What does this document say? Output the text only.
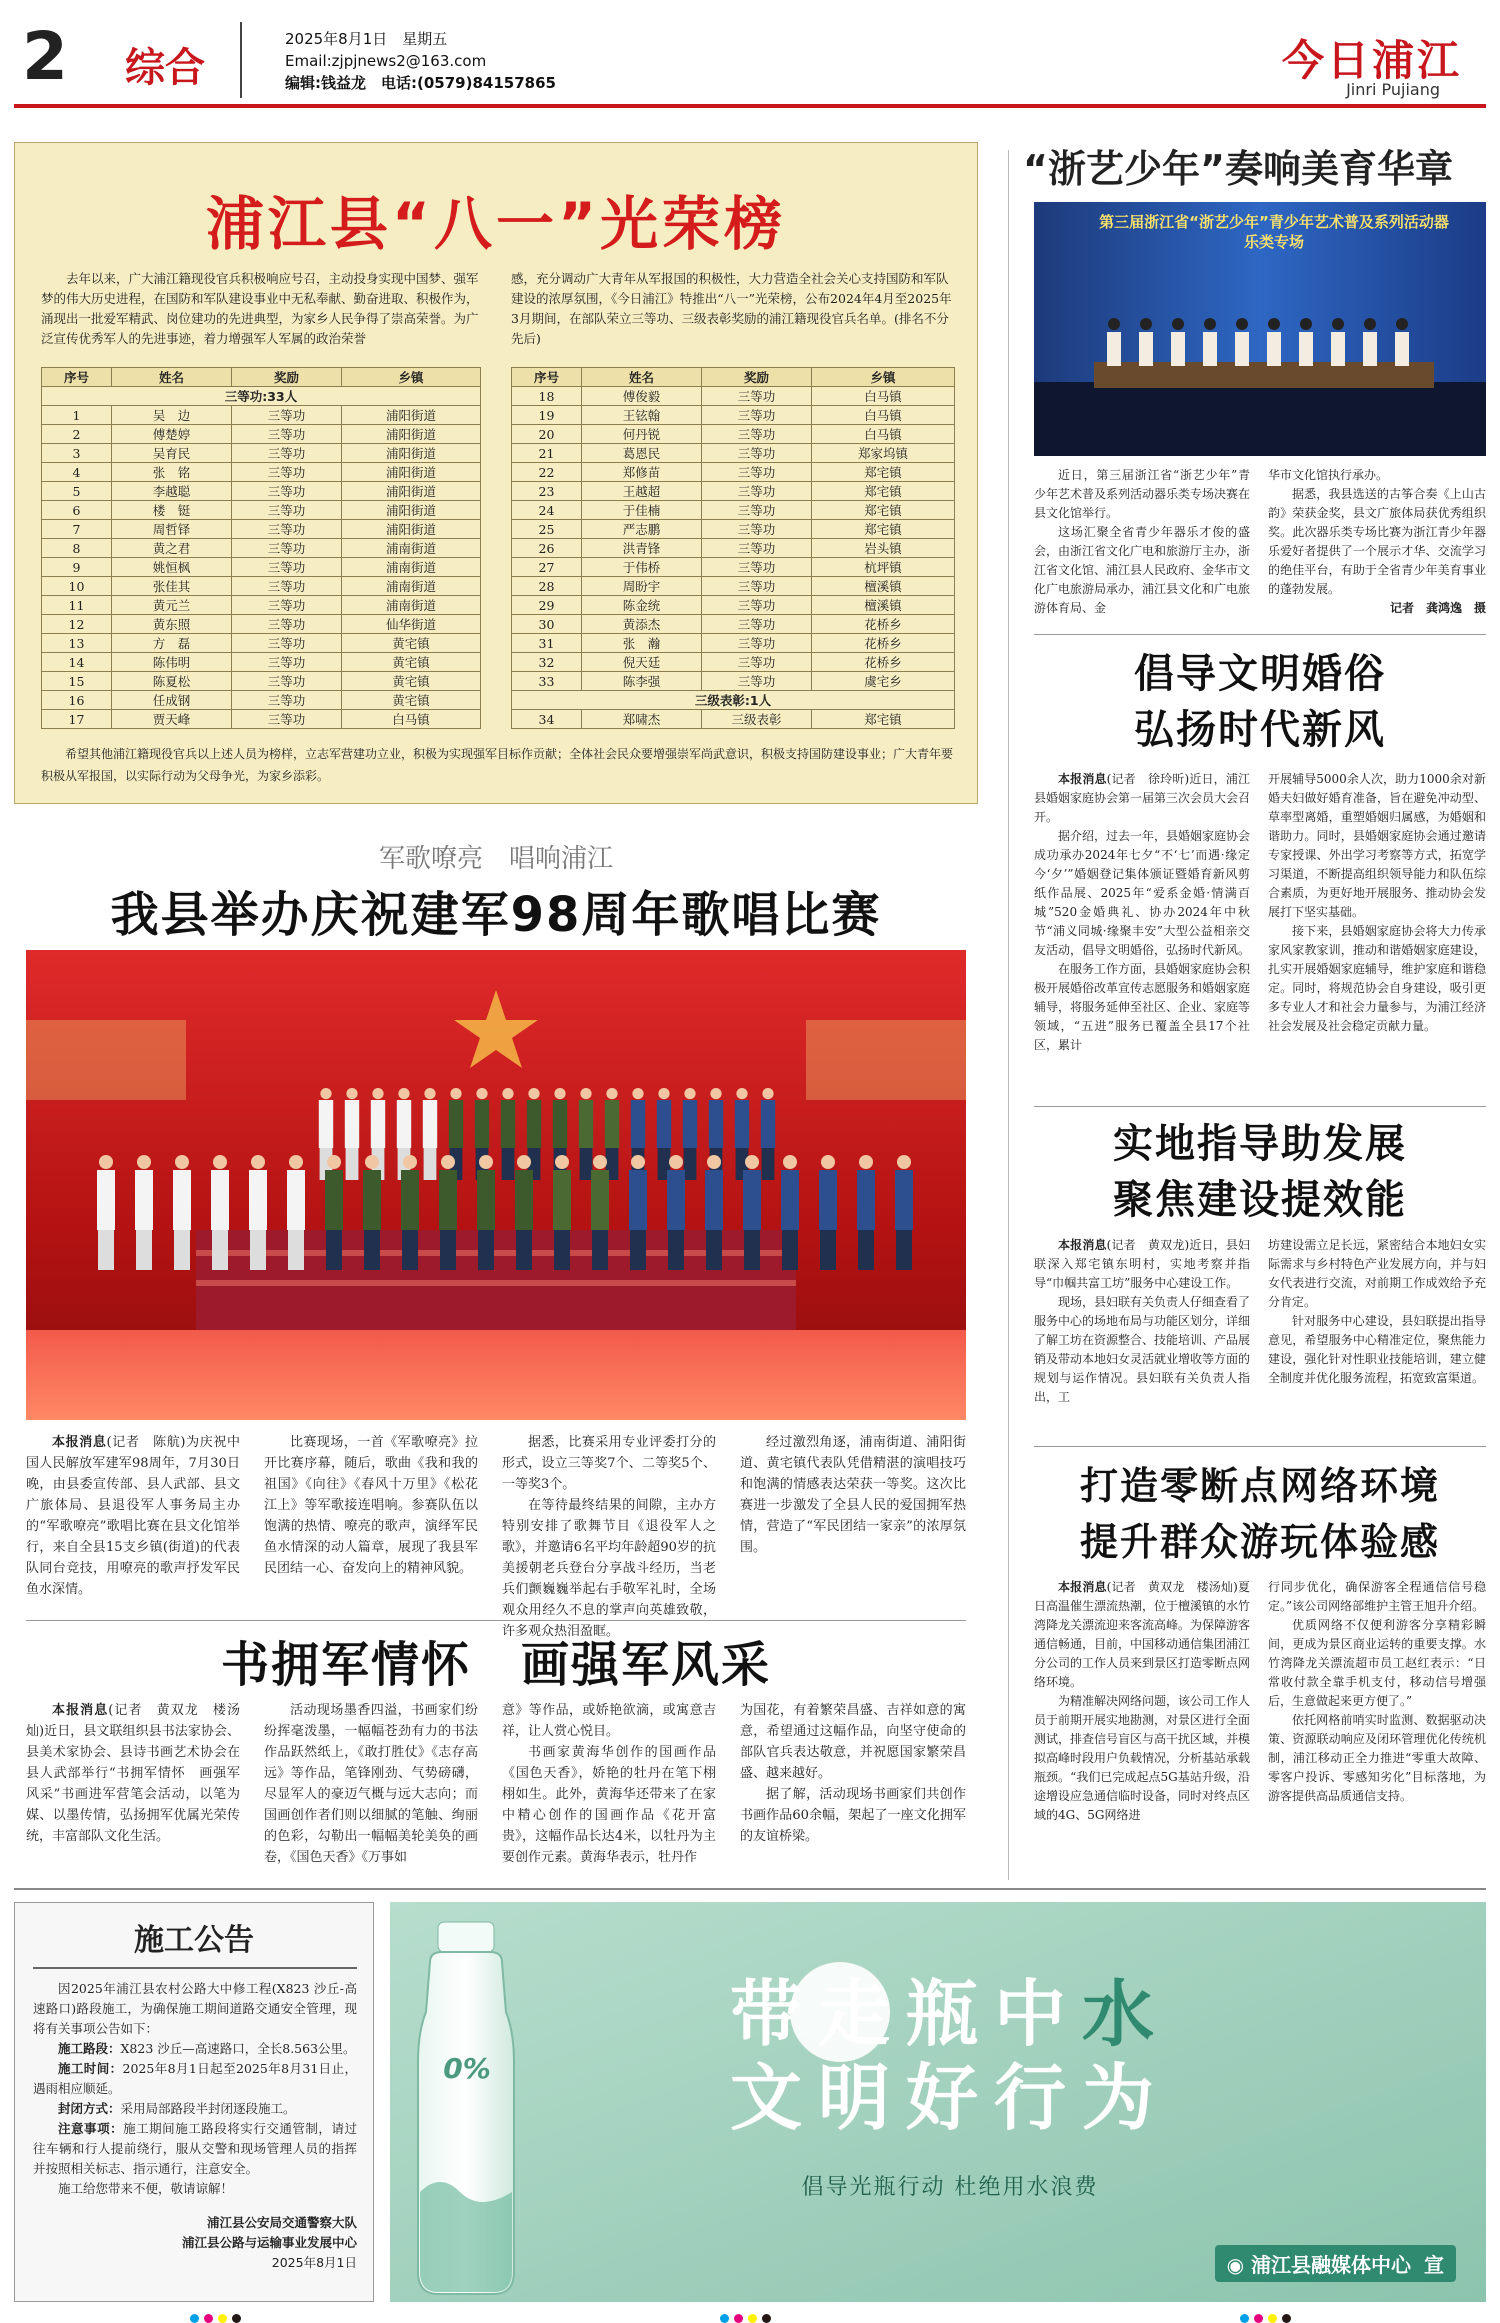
2 综合
2025年8月1日　星期五
Email:zjpjnews2@163.com
编辑:钱益龙　电话:(0579)84157865	今日浦江
Jinri Pujiang
浦江县“八一”光荣榜
去年以来，广大浦江籍现役官兵积极响应号召，主动投身实现中国梦、强军梦的伟大历史进程，在国防和军队建设事业中无私奉献、勤奋进取、积极作为，涌现出一批爱军精武、岗位建功的先进典型，为家乡人民争得了崇高荣誉。为广泛宣传优秀军人的先进事迹，着力增强军人军属的政治荣誉
感，充分调动广大青年从军报国的积极性，大力营造全社会关心支持国防和军队建设的浓厚氛围，《今日浦江》特推出“八一”光荣榜，公布2024年4月至2025年3月期间，在部队荣立三等功、三级表彰奖励的浦江籍现役官兵名单。(排名不分先后)
序号	姓名	奖励	乡镇
三等功:33人			
1	吴　边	三等功	浦阳街道
2	傅楚婷	三等功	浦阳街道
3	吴育民	三等功	浦阳街道
4	张　铭	三等功	浦阳街道
5	李越聪	三等功	浦阳街道
6	楼　铤	三等功	浦阳街道
7	周哲铎	三等功	浦阳街道
8	黄之君	三等功	浦南街道
9	姚恒枫	三等功	浦南街道
10	张佳其	三等功	浦南街道
11	黄元兰	三等功	浦南街道
12	黄东照	三等功	仙华街道
13	方　磊	三等功	黄宅镇
14	陈伟明	三等功	黄宅镇
15	陈夏松	三等功	黄宅镇
16	任成钢	三等功	黄宅镇
17	贾天峰	三等功	白马镇
序号	姓名	奖励	乡镇
18	傅俊毅	三等功	白马镇
19	王铉翰	三等功	白马镇
20	何丹锐	三等功	白马镇
21	葛恩民	三等功	郑家坞镇
22	郑修苗	三等功	郑宅镇
23	王越超	三等功	郑宅镇
24	于佳楠	三等功	郑宅镇
25	严志鹏	三等功	郑宅镇
26	洪青锋	三等功	岩头镇
27	于伟桥	三等功	杭坪镇
28	周盼宇	三等功	檀溪镇
29	陈金统	三等功	檀溪镇
30	黄添杰	三等功	花桥乡
31	张　瀚	三等功	花桥乡
32	倪天廷	三等功	花桥乡
33	陈李强	三等功	虞宅乡
三级表彰:1人			
34	郑啸杰	三级表彰	郑宅镇
希望其他浦江籍现役官兵以上述人员为榜样，立志军营建功立业，积极为实现强军目标作贡献；全体社会民众要增强崇军尚武意识，积极支持国防建设事业；广大青年要积极从军报国，以实际行动为父母争光，为家乡添彩。
军歌嘹亮　唱响浦江
我县举办庆祝建军98周年歌唱比赛
本报消息(记者　陈航)为庆祝中国人民解放军建军98周年，7月30日晚，由县委宣传部、县人武部、县文广旅体局、县退役军人事务局主办的“军歌嘹亮”歌唱比赛在县文化馆举行，来自全县15支乡镇(街道)的代表队同台竞技，用嘹亮的歌声抒发军民鱼水深情。
比赛现场，一首《军歌嘹亮》拉开比赛序幕，随后，歌曲《我和我的祖国》《向往》《春风十万里》《松花江上》等军歌接连唱响。参赛队伍以饱满的热情、嘹亮的歌声，演绎军民鱼水情深的动人篇章，展现了我县军民团结一心、奋发向上的精神风貌。
据悉，比赛采用专业评委打分的形式，设立三等奖7个、二等奖5个、一等奖3个。
在等待最终结果的间隙，主办方特别安排了歌舞节目《退役军人之歌》，并邀请6名平均年龄超90岁的抗美援朝老兵登台分享战斗经历，当老兵们颤巍巍举起右手敬军礼时，全场观众用经久不息的掌声向英雄致敬，许多观众热泪盈眶。
经过激烈角逐，浦南街道、浦阳街道、黄宅镇代表队凭借精湛的演唱技巧和饱满的情感表达荣获一等奖。这次比赛进一步激发了全县人民的爱国拥军热情，营造了“军民团结一家亲”的浓厚氛围。
书拥军情怀　画强军风采
本报消息(记者　黄双龙　楼汤灿)近日，县文联组织县书法家协会、县美术家协会、县诗书画艺术协会在县人武部举行“书拥军情怀　画强军风采”书画进军营笔会活动，以笔为媒、以墨传情，弘扬拥军优属光荣传统，丰富部队文化生活。
活动现场墨香四溢，书画家们纷纷挥毫泼墨，一幅幅苍劲有力的书法作品跃然纸上，《敢打胜仗》《志存高远》等作品，笔锋刚劲、气势磅礴，尽显军人的豪迈气概与远大志向；而国画创作者们则以细腻的笔触、绚丽的色彩，勾勒出一幅幅美轮美奂的画卷，《国色天香》《万事如
意》等作品，或娇艳欲滴，或寓意吉祥，让人赏心悦目。
书画家黄海华创作的国画作品《国色天香》，娇艳的牡丹在笔下栩栩如生。此外，黄海华还带来了在家中精心创作的国画作品《花开富贵》，这幅作品长达4米，以牡丹为主要创作元素。黄海华表示，牡丹作
为国花，有着繁荣昌盛、吉祥如意的寓意，希望通过这幅作品，向坚守使命的部队官兵表达敬意，并祝愿国家繁荣昌盛、越来越好。
据了解，活动现场书画家们共创作书画作品60余幅，架起了一座文化拥军的友谊桥梁。
“浙艺少年”奏响美育华章
第三届浙江省“浙艺少年”青少年艺术普及系列活动器乐类专场
近日，第三届浙江省“浙艺少年”青少年艺术普及系列活动器乐类专场决赛在县文化馆举行。
这场汇聚全省青少年器乐才俊的盛会，由浙江省文化广电和旅游厅主办，浙江省文化馆、浦江县人民政府、金华市文化广电旅游局承办，浦江县文化和广电旅游体育局、金
华市文化馆执行承办。
据悉，我县选送的古筝合奏《上山古韵》荣获金奖，县文广旅体局获优秀组织奖。此次器乐类专场比赛为浙江青少年器乐爱好者提供了一个展示才华、交流学习的绝佳平台，有助于全省青少年美育事业的蓬勃发展。
记者　龚鸿逸　摄
倡导文明婚俗
弘扬时代新风
本报消息(记者　徐玲昕)近日，浦江县婚姻家庭协会第一届第三次会员大会召开。
据介绍，过去一年，县婚姻家庭协会成功承办2024年七夕“不‘七’而遇·缘定今‘夕’”婚姻登记集体颁证暨婚育新风剪纸作品展、2025年“爱系金婚·情满百城”520金婚典礼、协办2024年中秋节“浦义同城·缘聚丰安”大型公益相亲交友活动，倡导文明婚俗，弘扬时代新风。
在服务工作方面，县婚姻家庭协会积极开展婚俗改革宣传志愿服务和婚姻家庭辅导，将服务延伸至社区、企业、家庭等领域，“五进”服务已覆盖全县17个社区，累计
开展辅导5000余人次，助力1000余对新婚夫妇做好婚育准备，旨在避免冲动型、草率型离婚，重塑婚姻归属感，为婚姻和谐助力。同时，县婚姻家庭协会通过邀请专家授课、外出学习考察等方式，拓宽学习渠道，不断提高组织领导能力和队伍综合素质，为更好地开展服务、推动协会发展打下坚实基础。
接下来，县婚姻家庭协会将大力传承家风家教家训，推动和谐婚姻家庭建设，扎实开展婚姻家庭辅导，维护家庭和谐稳定。同时，将规范协会自身建设，吸引更多专业人才和社会力量参与，为浦江经济社会发展及社会稳定贡献力量。
实地指导助发展
聚焦建设提效能
本报消息(记者　黄双龙)近日，县妇联深入郑宅镇东明村，实地考察并指导“巾帼共富工坊”服务中心建设工作。
现场，县妇联有关负责人仔细查看了服务中心的场地布局与功能区划分，详细了解工坊在资源整合、技能培训、产品展销及带动本地妇女灵活就业增收等方面的规划与运作情况。县妇联有关负责人指出，工
坊建设需立足长远，紧密结合本地妇女实际需求与乡村特色产业发展方向，并与妇女代表进行交流，对前期工作成效给予充分肯定。
针对服务中心建设，县妇联提出指导意见，希望服务中心精准定位，聚焦能力建设，强化针对性职业技能培训，建立健全制度并优化服务流程，拓宽致富渠道。
打造零断点网络环境
提升群众游玩体验感
本报消息(记者　黄双龙　楼汤灿)夏日高温催生漂流热潮，位于檀溪镇的水竹湾降龙关漂流迎来客流高峰。为保障游客通信畅通，目前，中国移动通信集团浦江分公司的工作人员来到景区打造零断点网络环境。
为精准解决网络问题，该公司工作人员于前期开展实地勘测，对景区进行全面测试，排查信号盲区与高干扰区域，并模拟高峰时段用户负载情况，分析基站承载瓶颈。“我们已完成起点5G基站升级，沿途增设应急通信临时设备，同时对终点区域的4G、5G网络进
行同步优化，确保游客全程通信信号稳定。”该公司网络部维护主管王旭升介绍。
优质网络不仅便利游客分享精彩瞬间，更成为景区商业运转的重要支撑。水竹湾降龙关漂流超市员工赵红表示：“日常收付款全靠手机支付，移动信号增强后，生意做起来更方便了。”
依托网格前哨实时监测、数据驱动决策、资源联动响应及闭环管理优化传统机制，浦江移动正全力推进“零重大故障、零客户投诉、零感知劣化”目标落地，为游客提供高品质通信支持。
施工公告
因2025年浦江县农村公路大中修工程(X823 沙丘-高速路口)路段施工，为确保施工期间道路交通安全管理，现将有关事项公告如下：
施工路段：X823 沙丘—高速路口，全长8.563公里。
施工时间：2025年8月1日起至2025年8月31日止，遇雨相应顺延。
封闭方式：采用局部路段半封闭逐段施工。
注意事项：施工期间施工路段将实行交通管制，请过往车辆和行人提前绕行，服从交警和现场管理人员的指挥并按照相关标志、指示通行，注意安全。
施工给您带来不便，敬请谅解！
浦江县公安局交通警察大队
浦江县公路与运输事业发展中心
2025年8月1日
0%
带走瓶中水
文明好行为
倡导光瓶行动 杜绝用水浪费
◉ 浦江县融媒体中心 宣
